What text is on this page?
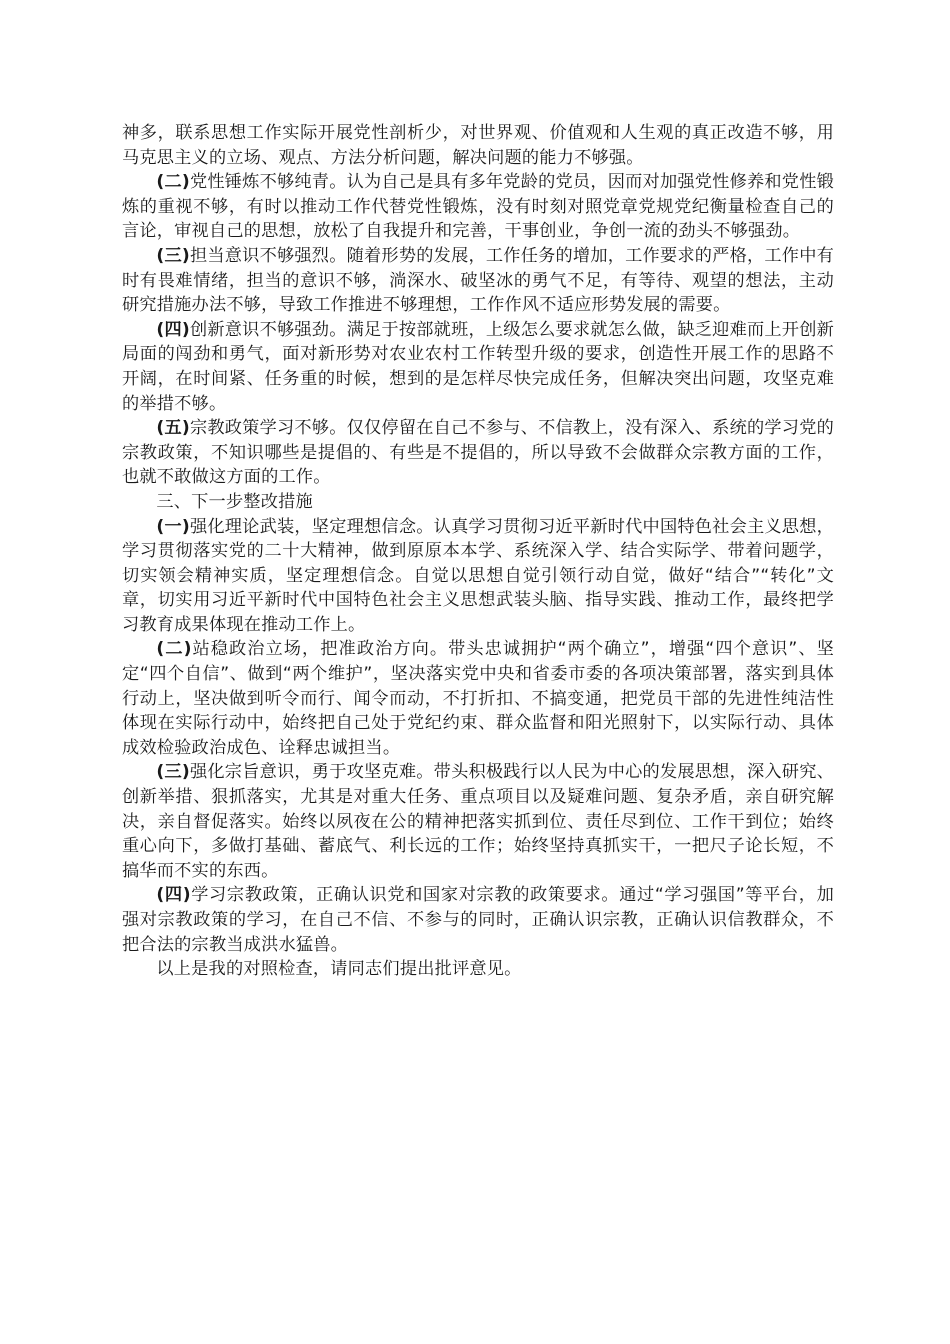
神多，联系思想工作实际开展党性剖析少，对世界观、价值观和人生观的真正改造不够，用马克思主义的立场、观点、方法分析问题，解决问题的能力不够强。

(二)党性锤炼不够纯青。认为自己是具有多年党龄的党员，因而对加强党性修养和党性锻炼的重视不够，有时以推动工作代替党性锻炼，没有时刻对照党章党规党纪衡量检查自己的言论，审视自己的思想，放松了自我提升和完善，干事创业，争创一流的劲头不够强劲。

(三)担当意识不够强烈。随着形势的发展，工作任务的增加，工作要求的严格，工作中有时有畏难情绪，担当的意识不够，淌深水、破坚冰的勇气不足，有等待、观望的想法，主动研究措施办法不够，导致工作推进不够理想，工作作风不适应形势发展的需要。

(四)创新意识不够强劲。满足于按部就班，上级怎么要求就怎么做，缺乏迎难而上开创新局面的闯劲和勇气，面对新形势对农业农村工作转型升级的要求，创造性开展工作的思路不开阔，在时间紧、任务重的时候，想到的是怎样尽快完成任务，但解决突出问题，攻坚克难的举措不够。

(五)宗教政策学习不够。仅仅停留在自己不参与、不信教上，没有深入、系统的学习党的宗教政策，不知识哪些是提倡的、有些是不提倡的，所以导致不会做群众宗教方面的工作，也就不敢做这方面的工作。

三、下一步整改措施

(一)强化理论武装，坚定理想信念。认真学习贯彻习近平新时代中国特色社会主义思想，学习贯彻落实党的二十大精神，做到原原本本学、系统深入学、结合实际学、带着问题学，切实领会精神实质，坚定理想信念。自觉以思想自觉引领行动自觉，做好“结合”“转化”文章，切实用习近平新时代中国特色社会主义思想武装头脑、指导实践、推动工作，最终把学习教育成果体现在推动工作上。

(二)站稳政治立场，把准政治方向。带头忠诚拥护“两个确立”，增强“四个意识”、坚定“四个自信”、做到“两个维护”，坚决落实党中央和省委市委的各项决策部署，落实到具体行动上，坚决做到听令而行、闻令而动，不打折扣、不搞变通，把党员干部的先进性纯洁性体现在实际行动中，始终把自己处于党纪约束、群众监督和阳光照射下，以实际行动、具体成效检验政治成色、诠释忠诚担当。

(三)强化宗旨意识，勇于攻坚克难。带头积极践行以人民为中心的发展思想，深入研究、创新举措、狠抓落实，尤其是对重大任务、重点项目以及疑难问题、复杂矛盾，亲自研究解决，亲自督促落实。始终以夙夜在公的精神把落实抓到位、责任尽到位、工作干到位；始终重心向下，多做打基础、蓄底气、利长远的工作；始终坚持真抓实干，一把尺子论长短，不搞华而不实的东西。

(四)学习宗教政策，正确认识党和国家对宗教的政策要求。通过“学习强国”等平台，加强对宗教政策的学习，在自己不信、不参与的同时，正确认识宗教，正确认识信教群众，不把合法的宗教当成洪水猛兽。

以上是我的对照检查，请同志们提出批评意见。
